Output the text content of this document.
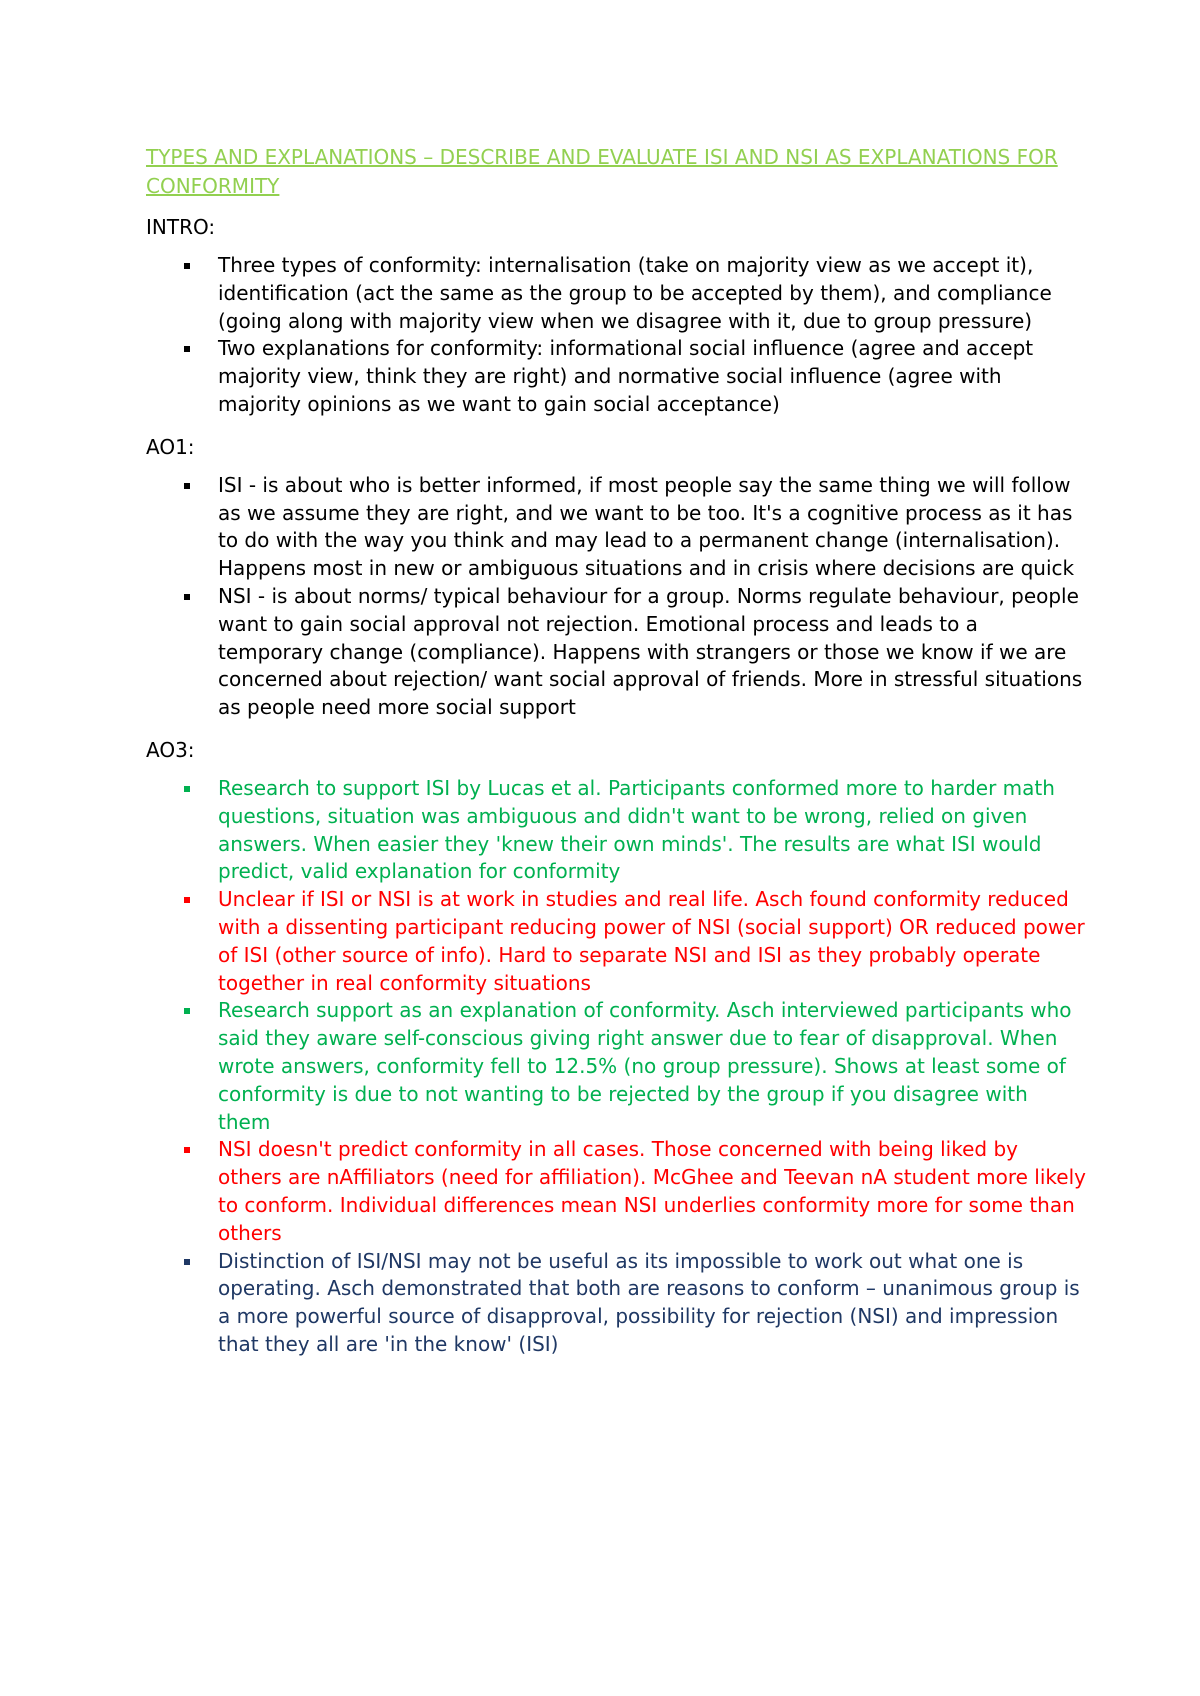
TYPES AND EXPLANATIONS – DESCRIBE AND EVALUATE ISI AND NSI AS EXPLANATIONS FOR CONFORMITY
INTRO:
Three types of conformity: internalisation (take on majority view as we accept it), identification (act the same as the group to be accepted by them), and compliance (going along with majority view when we disagree with it, due to group pressure)
Two explanations for conformity: informational social influence (agree and accept majority view, think they are right) and normative social influence (agree with majority opinions as we want to gain social acceptance)
AO1:
ISI - is about who is better informed, if most people say the same thing we will follow as we assume they are right, and we want to be too. It's a cognitive process as it has to do with the way you think and may lead to a permanent change (internalisation). Happens most in new or ambiguous situations and in crisis where decisions are quick
NSI - is about norms/ typical behaviour for a group. Norms regulate behaviour, people want to gain social approval not rejection. Emotional process and leads to a temporary change (compliance). Happens with strangers or those we know if we are concerned about rejection/ want social approval of friends. More in stressful situations as people need more social support
AO3:
Research to support ISI by Lucas et al. Participants conformed more to harder math questions, situation was ambiguous and didn't want to be wrong, relied on given answers. When easier they 'knew their own minds'. The results are what ISI would predict, valid explanation for conformity
Unclear if ISI or NSI is at work in studies and real life. Asch found conformity reduced with a dissenting participant reducing power of NSI (social support) OR reduced power of ISI (other source of info). Hard to separate NSI and ISI as they probably operate together in real conformity situations
Research support as an explanation of conformity. Asch interviewed participants who said they aware self-conscious giving right answer due to fear of disapproval. When wrote answers, conformity fell to 12.5% (no group pressure). Shows at least some of conformity is due to not wanting to be rejected by the group if you disagree with them
NSI doesn't predict conformity in all cases. Those concerned with being liked by others are nAffiliators (need for affiliation). McGhee and Teevan nA student more likely to conform. Individual differences mean NSI underlies conformity more for some than others
Distinction of ISI/NSI may not be useful as its impossible to work out what one is operating. Asch demonstrated that both are reasons to conform – unanimous group is a more powerful source of disapproval, possibility for rejection (NSI) and impression that they all are 'in the know' (ISI)
